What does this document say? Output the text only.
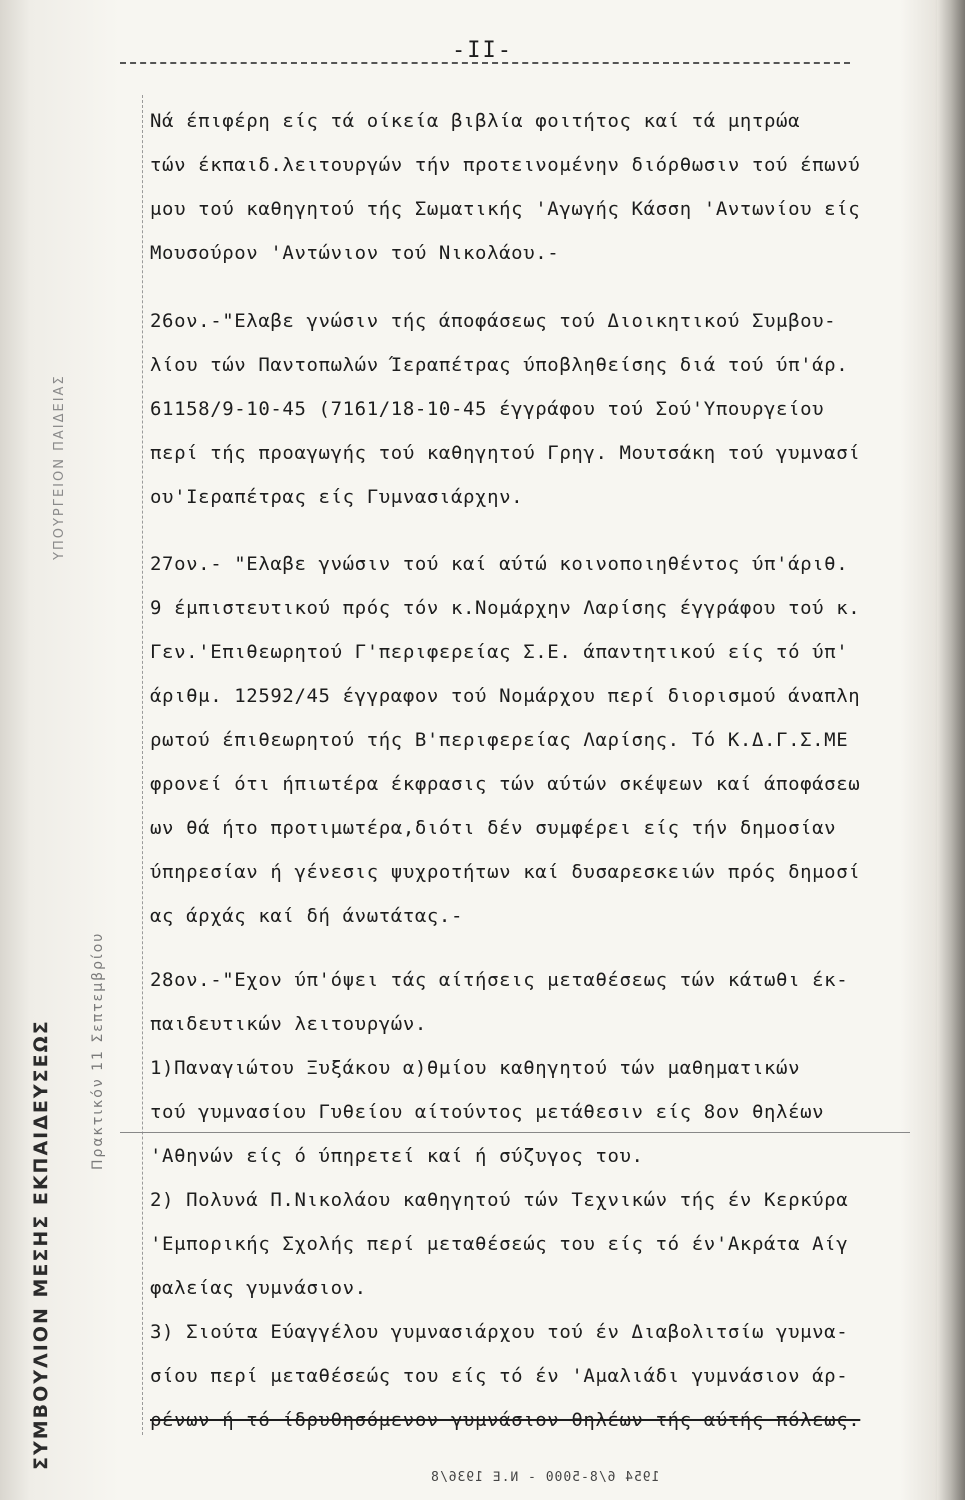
ΣΥΜΒΟΥΛΙΟΝ ΜΕΣΗΣ ΕΚΠΑΙΔΕΥΣΕΩΣ	Πρακτικόν 11 Σεπτεμβρίου
ΥΠΟΥΡΓΕΙΟΝ ΠΑΙΔΕΙΑΣ
-II-
Νά έπιφέρη είς τά οίκεία βιβλία φοιτήτος καί τά μητρώα
τών έκπαιδ.λειτουργών τήν προτεινομένην διόρθωσιν τού έπωνύ
μου τού καθηγητού τής Σωματικής 'Αγωγής Κάσση 'Αντωνίου είς
Μουσούρον 'Αντώνιον τού Νικολάου.-
26ον.-"Ελαβε γνώσιν τής άποφάσεως τού Διοικητικού Συμβου-
λίου τών Παντοπωλών Ίεραπέτρας ύποβληθείσης διά τού ύπ'άρ.
61158/9-10-45 (7161/18-10-45 έγγράφου τού Σού'Υπουργείου
περί τής προαγωγής τού καθηγητού Γρηγ. Μουτσάκη τού γυμνασί
ου'Ιεραπέτρας είς Γυμνασιάρχην.
27ον.- "Ελαβε γνώσιν τού καί αύτώ κοινοποιηθέντος ύπ'άριθ.
9 έμπιστευτικού πρός τόν κ.Νομάρχην Λαρίσης έγγράφου τού κ.
Γεν.'Επιθεωρητού Γ'περιφερείας Σ.Ε. άπαντητικού είς τό ύπ'
άριθμ. 12592/45 έγγραφον τού Νομάρχου περί διορισμού άναπλη
ρωτού έπιθεωρητού τής Β'περιφερείας Λαρίσης. Τό Κ.Δ.Γ.Σ.ΜΕ
φρονεί ότι ήπιωτέρα έκφρασις τών αύτών σκέψεων καί άποφάσεω
ων θά ήτο προτιμωτέρα,διότι δέν συμφέρει είς τήν δημοσίαν
ύπηρεσίαν ή γένεσις ψυχροτήτων καί δυσαρεσκειών πρός δημοσί
ας άρχάς καί δή άνωτάτας.-
28ον.-"Εχον ύπ'όψει τάς αίτήσεις μεταθέσεως τών κάτωθι έκ-
παιδευτικών λειτουργών.
1)Παναγιώτου Ξυξάκου α)θμίου καθηγητού τών μαθηματικών
τού γυμνασίου Γυθείου αίτούντος μετάθεσιν είς 8ον θηλέων
'Αθηνών είς ό ύπηρετεί καί ή σύζυγος του.
2) Πολυνά Π.Νικολάου καθηγητού τών Τεχνικών τής έν Κερκύρα
'Εμπορικής Σχολής περί μεταθέσεώς του είς τό έν'Ακράτα Αίγ
φαλείας γυμνάσιον.
3) Σιούτα Εύαγγέλου γυμνασιάρχου τού έν Διαβολιτσίω γυμνα-
σίου περί μεταθέσεώς του είς τό έν 'Αμαλιάδι γυμνάσιον άρ-
ρένων ή τό ίδρυθησόμενον γυμνάσιον θηλέων τής αύτής πόλεως.
1954 6/8-5000 - Ν.Ε 1936/8
